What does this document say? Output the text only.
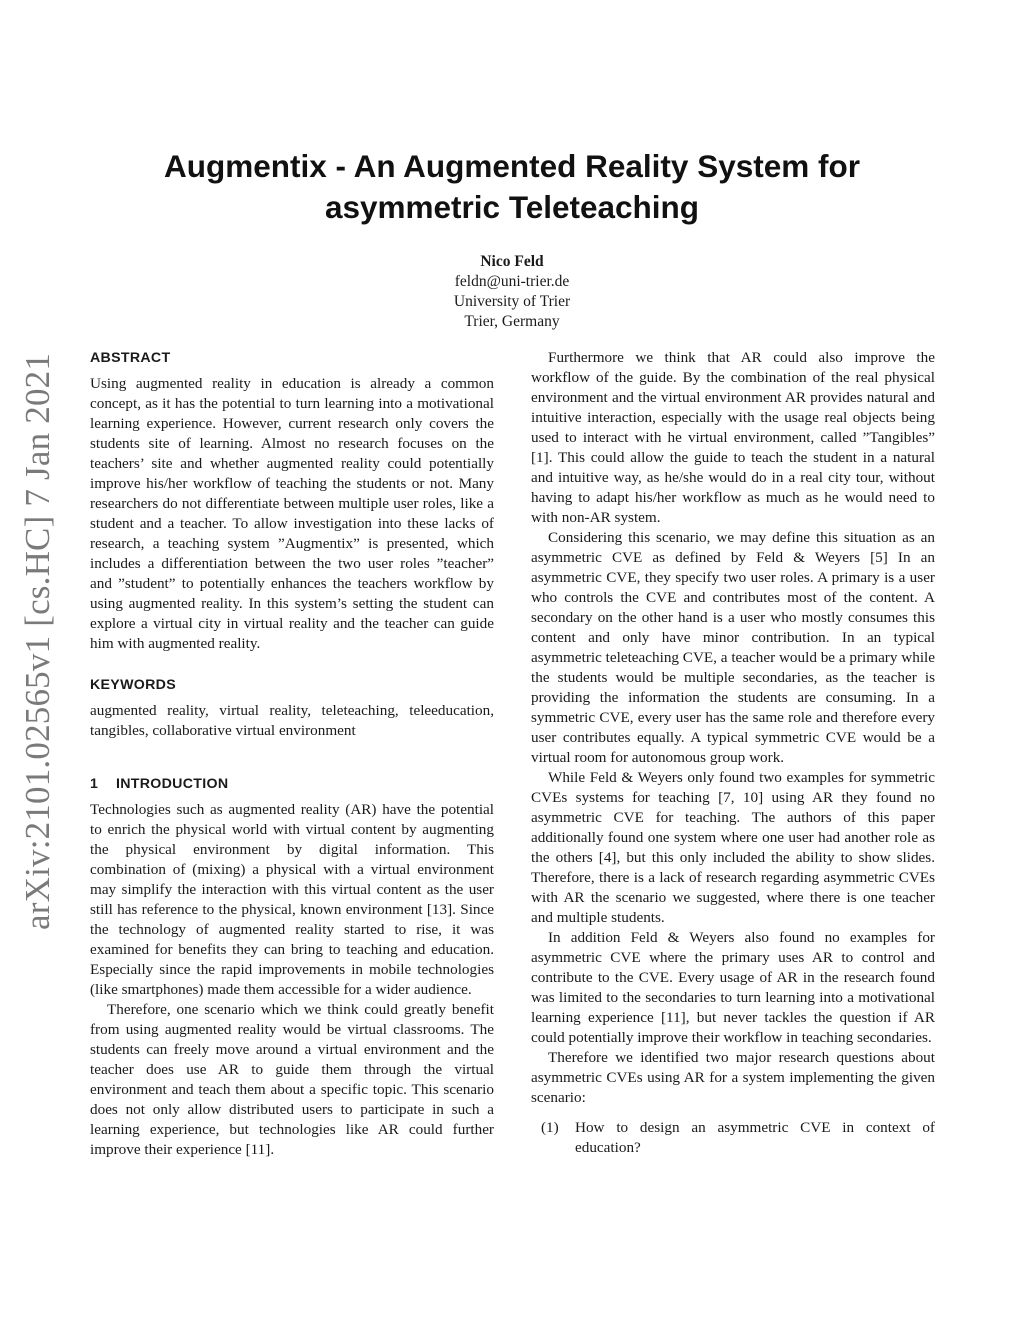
arXiv:2101.02565v1 [cs.HC] 7 Jan 2021
Augmentix - An Augmented Reality System for asymmetric Teleteaching
Nico Feld
feldn@uni-trier.de
University of Trier
Trier, Germany
ABSTRACT

Using augmented reality in education is already a common concept, as it has the potential to turn learning into a motivational learning experience. However, current research only covers the students site of learning. Almost no research focuses on the teachers’ site and whether augmented reality could potentially improve his/her workflow of teaching the students or not. Many researchers do not differentiate between multiple user roles, like a student and a teacher. To allow investigation into these lacks of research, a teaching system ”Augmentix” is presented, which includes a differentiation between the two user roles ”teacher” and ”student” to potentially enhances the teachers workflow by using augmented reality. In this system’s setting the student can explore a virtual city in virtual reality and the teacher can guide him with augmented reality.

KEYWORDS

augmented reality, virtual reality, teleteaching, teleeducation, tangibles, collaborative virtual environment

1 INTRODUCTION

Technologies such as augmented reality (AR) have the potential to enrich the physical world with virtual content by augmenting the physical environment by digital information. This combination of (mixing) a physical with a virtual environment may simplify the interaction with this virtual content as the user still has reference to the physical, known environment [13]. Since the technology of augmented reality started to rise, it was examined for benefits they can bring to teaching and education. Especially since the rapid improvements in mobile technologies (like smartphones) made them accessible for a wider audience.

Therefore, one scenario which we think could greatly benefit from using augmented reality would be virtual classrooms. The students can freely move around a virtual environment and the teacher does use AR to guide them through the virtual environment and teach them about a specific topic. This scenario does not only allow distributed users to participate in such a learning experience, but technologies like AR could further improve their experience [11].

Furthermore we think that AR could also improve the workflow of the guide. By the combination of the real physical environment and the virtual environment AR provides natural and intuitive interaction, especially with the usage real objects being used to interact with he virtual environment, called ”Tangibles” [1]. This could allow the guide to teach the student in a natural and intuitive way, as he/she would do in a real city tour, without having to adapt his/her workflow as much as he would need to with non-AR system.

Considering this scenario, we may define this situation as an asymmetric CVE as defined by Feld & Weyers [5] In an asymmetric CVE, they specify two user roles. A primary is a user who controls the CVE and contributes most of the content. A secondary on the other hand is a user who mostly consumes this content and only have minor contribution. In an typical asymmetric teleteaching CVE, a teacher would be a primary while the students would be multiple secondaries, as the teacher is providing the information the students are consuming. In a symmetric CVE, every user has the same role and therefore every user contributes equally. A typical symmetric CVE would be a virtual room for autonomous group work.

While Feld & Weyers only found two examples for symmetric CVEs systems for teaching [7, 10] using AR they found no asymmetric CVE for teaching. The authors of this paper additionally found one system where one user had another role as the others [4], but this only included the ability to show slides. Therefore, there is a lack of research regarding asymmetric CVEs with AR the scenario we suggested, where there is one teacher and multiple students.

In addition Feld & Weyers also found no examples for asymmetric CVE where the primary uses AR to control and contribute to the CVE. Every usage of AR in the research found was limited to the secondaries to turn learning into a motivational learning experience [11], but never tackles the question if AR could potentially improve their workflow in teaching secondaries.

Therefore we identified two major research questions about asymmetric CVEs using AR for a system implementing the given scenario:

(1)	How to design an asymmetric CVE in context of education?
